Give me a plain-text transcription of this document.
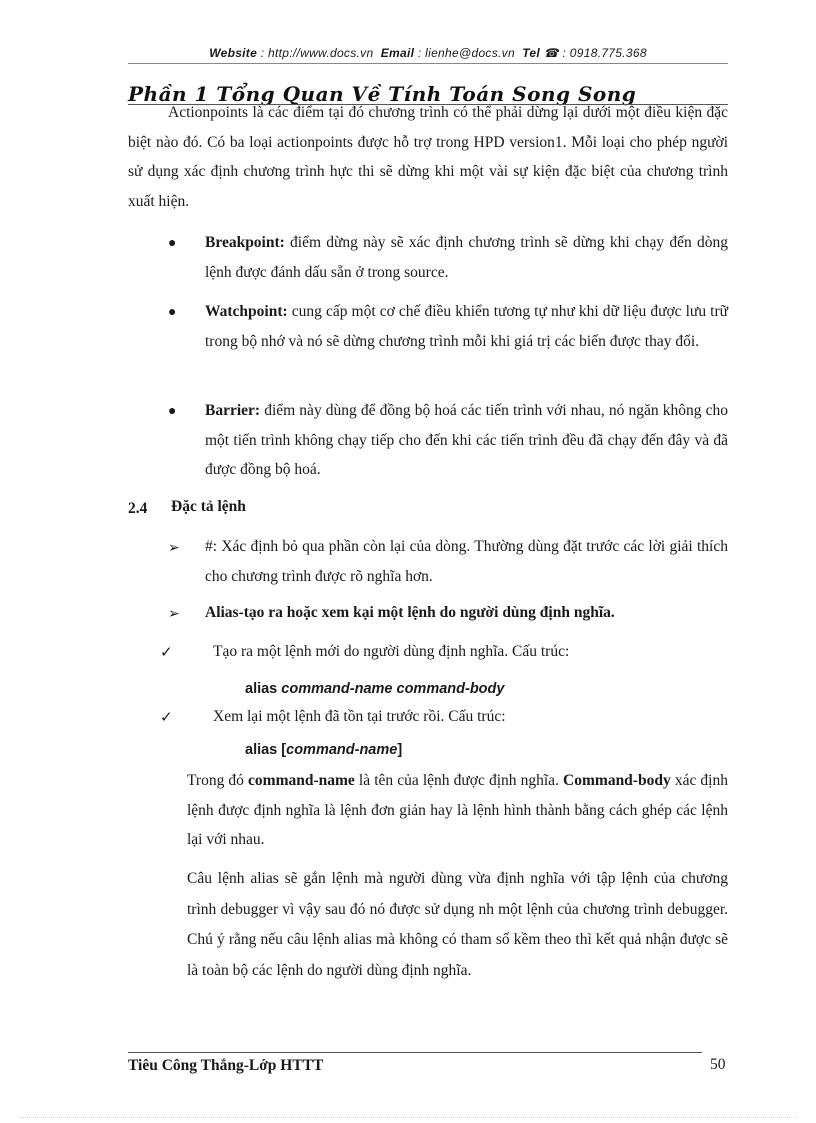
Website : http://www.docs.vn Email : lienhe@docs.vn Tel ☎ : 0918.775.368
Phần 1 Tổng Quan Về Tính Toán Song Song
Actionpoints là các điểm tại đó chương trình có thể phải dừng lại dưới một điều kiện đặc biệt nào đó. Có ba loại actionpoints được hỗ trợ trong HPD version1. Mỗi loại cho phép người sử dụng xác định chương trình hực thi sẽ dừng khi một vài sự kiện đặc biệt của chương trình xuất hiện.
● Breakpoint: điểm dừng này sẽ xác định chương trình sẽ dừng khi chạy đến dòng lệnh được đánh dấu sẵn ở trong source.
● Watchpoint: cung cấp một cơ chế điều khiển tương tự như khi dữ liệu được lưu trữ trong bộ nhớ và nó sẽ dừng chương trình mỗi khi giá trị các biến được thay đổi.
● Barrier: điểm này dùng để đồng bộ hoá các tiến trình với nhau, nó ngăn không cho một tiến trình không chạy tiếp cho đến khi các tiến trình đều đã chạy đến đây và đã được đồng bộ hoá.
2.4 Đặc tả lệnh
➢ #: Xác định bỏ qua phần còn lại của dòng. Thường dùng đặt trước các lời giải thích cho chương trình được rõ nghĩa hơn.
➢ Alias-tạo ra hoặc xem kại một lệnh do người dùng định nghĩa.
✓	Tạo ra một lệnh mới do người dùng định nghĩa. Cấu trúc:
alias command-name command-body
✓	Xem lại một lệnh đã tồn tại trước rồi. Cấu trúc:
alias [command-name]
Trong đó command-name là tên của lệnh được định nghĩa. Command-body xác định lệnh được định nghĩa là lệnh đơn giản hay là lệnh hình thành bằng cách ghép các lệnh lại với nhau.
Câu lệnh alias sẽ gắn lệnh mà người dùng vừa định nghĩa với tập lệnh của chương trình debugger vì vậy sau đó nó được sử dụng nh một lệnh của chương trình debugger. Chú ý rằng nếu câu lệnh alias mà không có tham số kềm theo thì kết quả nhận được sẽ là toàn bộ các lệnh do người dùng định nghĩa.
Tiêu Công Thắng-Lớp HTTT	50
